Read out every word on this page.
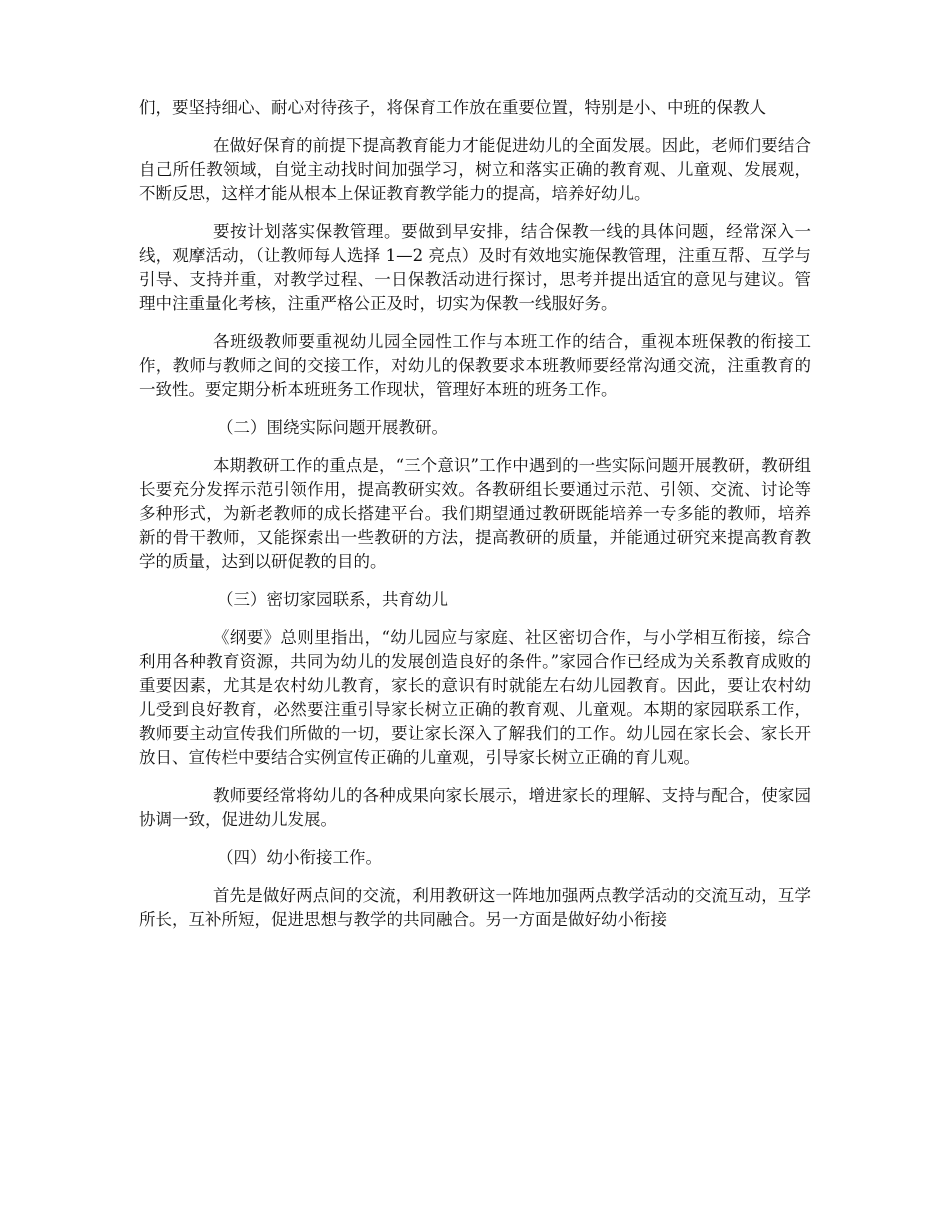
们，要坚持细心、耐心对待孩子，将保育工作放在重要位置，特别是小、中班的保教人

在做好保育的前提下提高教育能力才能促进幼儿的全面发展。因此，老师们要结合自己所任教领域，自觉主动找时间加强学习，树立和落实正确的教育观、儿童观、发展观，不断反思，这样才能从根本上保证教育教学能力的提高，培养好幼儿。

要按计划落实保教管理。要做到早安排，结合保教一线的具体问题，经常深入一线，观摩活动，（让教师每人选择 1—2 亮点）及时有效地实施保教管理，注重互帮、互学与引导、支持并重，对教学过程、一日保教活动进行探讨，思考并提出适宜的意见与建议。管理中注重量化考核，注重严格公正及时，切实为保教一线服好务。

各班级教师要重视幼儿园全园性工作与本班工作的结合，重视本班保教的衔接工作，教师与教师之间的交接工作，对幼儿的保教要求本班教师要经常沟通交流，注重教育的一致性。要定期分析本班班务工作现状，管理好本班的班务工作。

（二）围绕实际问题开展教研。

本期教研工作的重点是，“三个意识”工作中遇到的一些实际问题开展教研，教研组长要充分发挥示范引领作用，提高教研实效。各教研组长要通过示范、引领、交流、讨论等多种形式，为新老教师的成长搭建平台。我们期望通过教研既能培养一专多能的教师，培养新的骨干教师，又能探索出一些教研的方法，提高教研的质量，并能通过研究来提高教育教学的质量，达到以研促教的目的。

（三）密切家园联系，共育幼儿

《纲要》总则里指出，“幼儿园应与家庭、社区密切合作，与小学相互衔接，综合利用各种教育资源，共同为幼儿的发展创造良好的条件。”家园合作已经成为关系教育成败的重要因素，尤其是农村幼儿教育，家长的意识有时就能左右幼儿园教育。因此，要让农村幼儿受到良好教育，必然要注重引导家长树立正确的教育观、儿童观。本期的家园联系工作，教师要主动宣传我们所做的一切，要让家长深入了解我们的工作。幼儿园在家长会、家长开放日、宣传栏中要结合实例宣传正确的儿童观，引导家长树立正确的育儿观。

教师要经常将幼儿的各种成果向家长展示，增进家长的理解、支持与配合，使家园协调一致，促进幼儿发展。

（四）幼小衔接工作。

首先是做好两点间的交流，利用教研这一阵地加强两点教学活动的交流互动，互学所长，互补所短，促进思想与教学的共同融合。另一方面是做好幼小衔接
